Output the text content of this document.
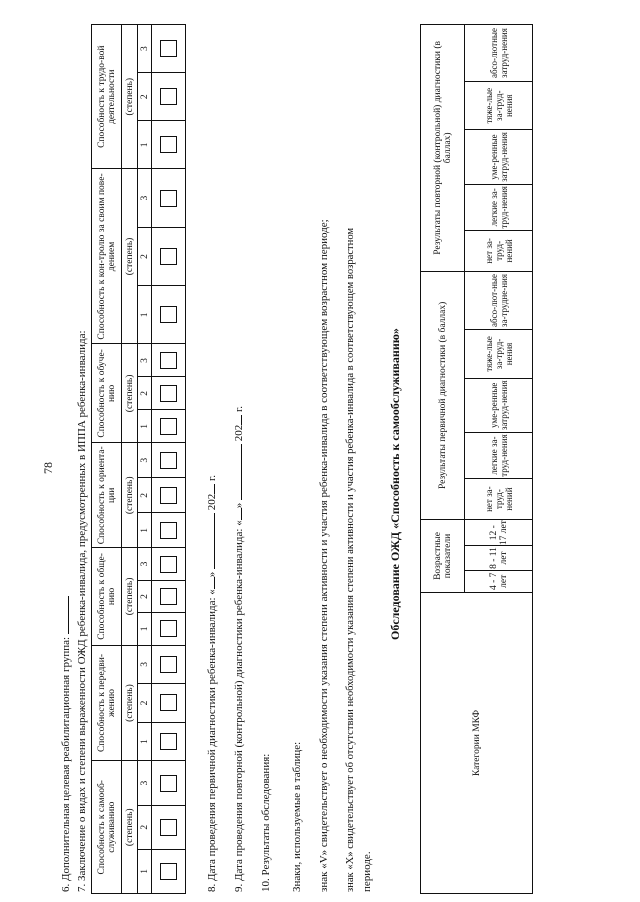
78
6. Дополнительная целевая реабилитационная группа: 7. Заключение о видах и степени выраженности ОЖД ребенка-инвалида, предусмотренных в ИППА ребенка-инвалида: Способность к самооб-служиванию			Способность к передви-жению			Способность к обще-нию			Способность к ориента-ции			Способность к обуче-нию			Способность к кон-тролю за своим пове-дением			Способность к трудо-вой деятельности		
(степень)			(степень)			(степень)			(степень)			(степень)			(степень)			(степень)		
1	2	3	1	2	3	1	2	3	1	2	3	1	2	3	1	2	3	1	2	3

8. Дата проведения первичной диагностики ребенка-инвалида: «»  202 г.
9. Дата проведения повторной (контрольной) диагностики ребенка-инвалида: «»  202 г.
10. Результаты обследования: Знаки, используемые в таблице: знак «V» свидетельствует о необходимости указания степени активности и участия ребенка-инвалида в соответствующем возрастном периоде; знак «X» свидетельствует об отсутствии необходимости указания степени активности и участия ребенка-инвалида в соответствующем возрастном периоде.
Обследование ОЖД «Способность к самообслуживанию»
Категории МКФ	Возрастные показатели			Результаты первичной диагностики (в баллах)					Результаты повторной (контрольной) диагностики (в баллах)				
	4 - 7 лет	8 - 11 лет	12 - 17 лет	нет за-труд-нений	легкие за-труд-нения	уме-ренные затруд-нения	тяже-лые за-труд-нения	абсо-лют-ные за-трудне-ния	нет за-труд-нений	легкие за-труд-нения	уме-ренные затруд-нения	тяже-лые за-труд-нения	абсо-лютные затруд-нения
